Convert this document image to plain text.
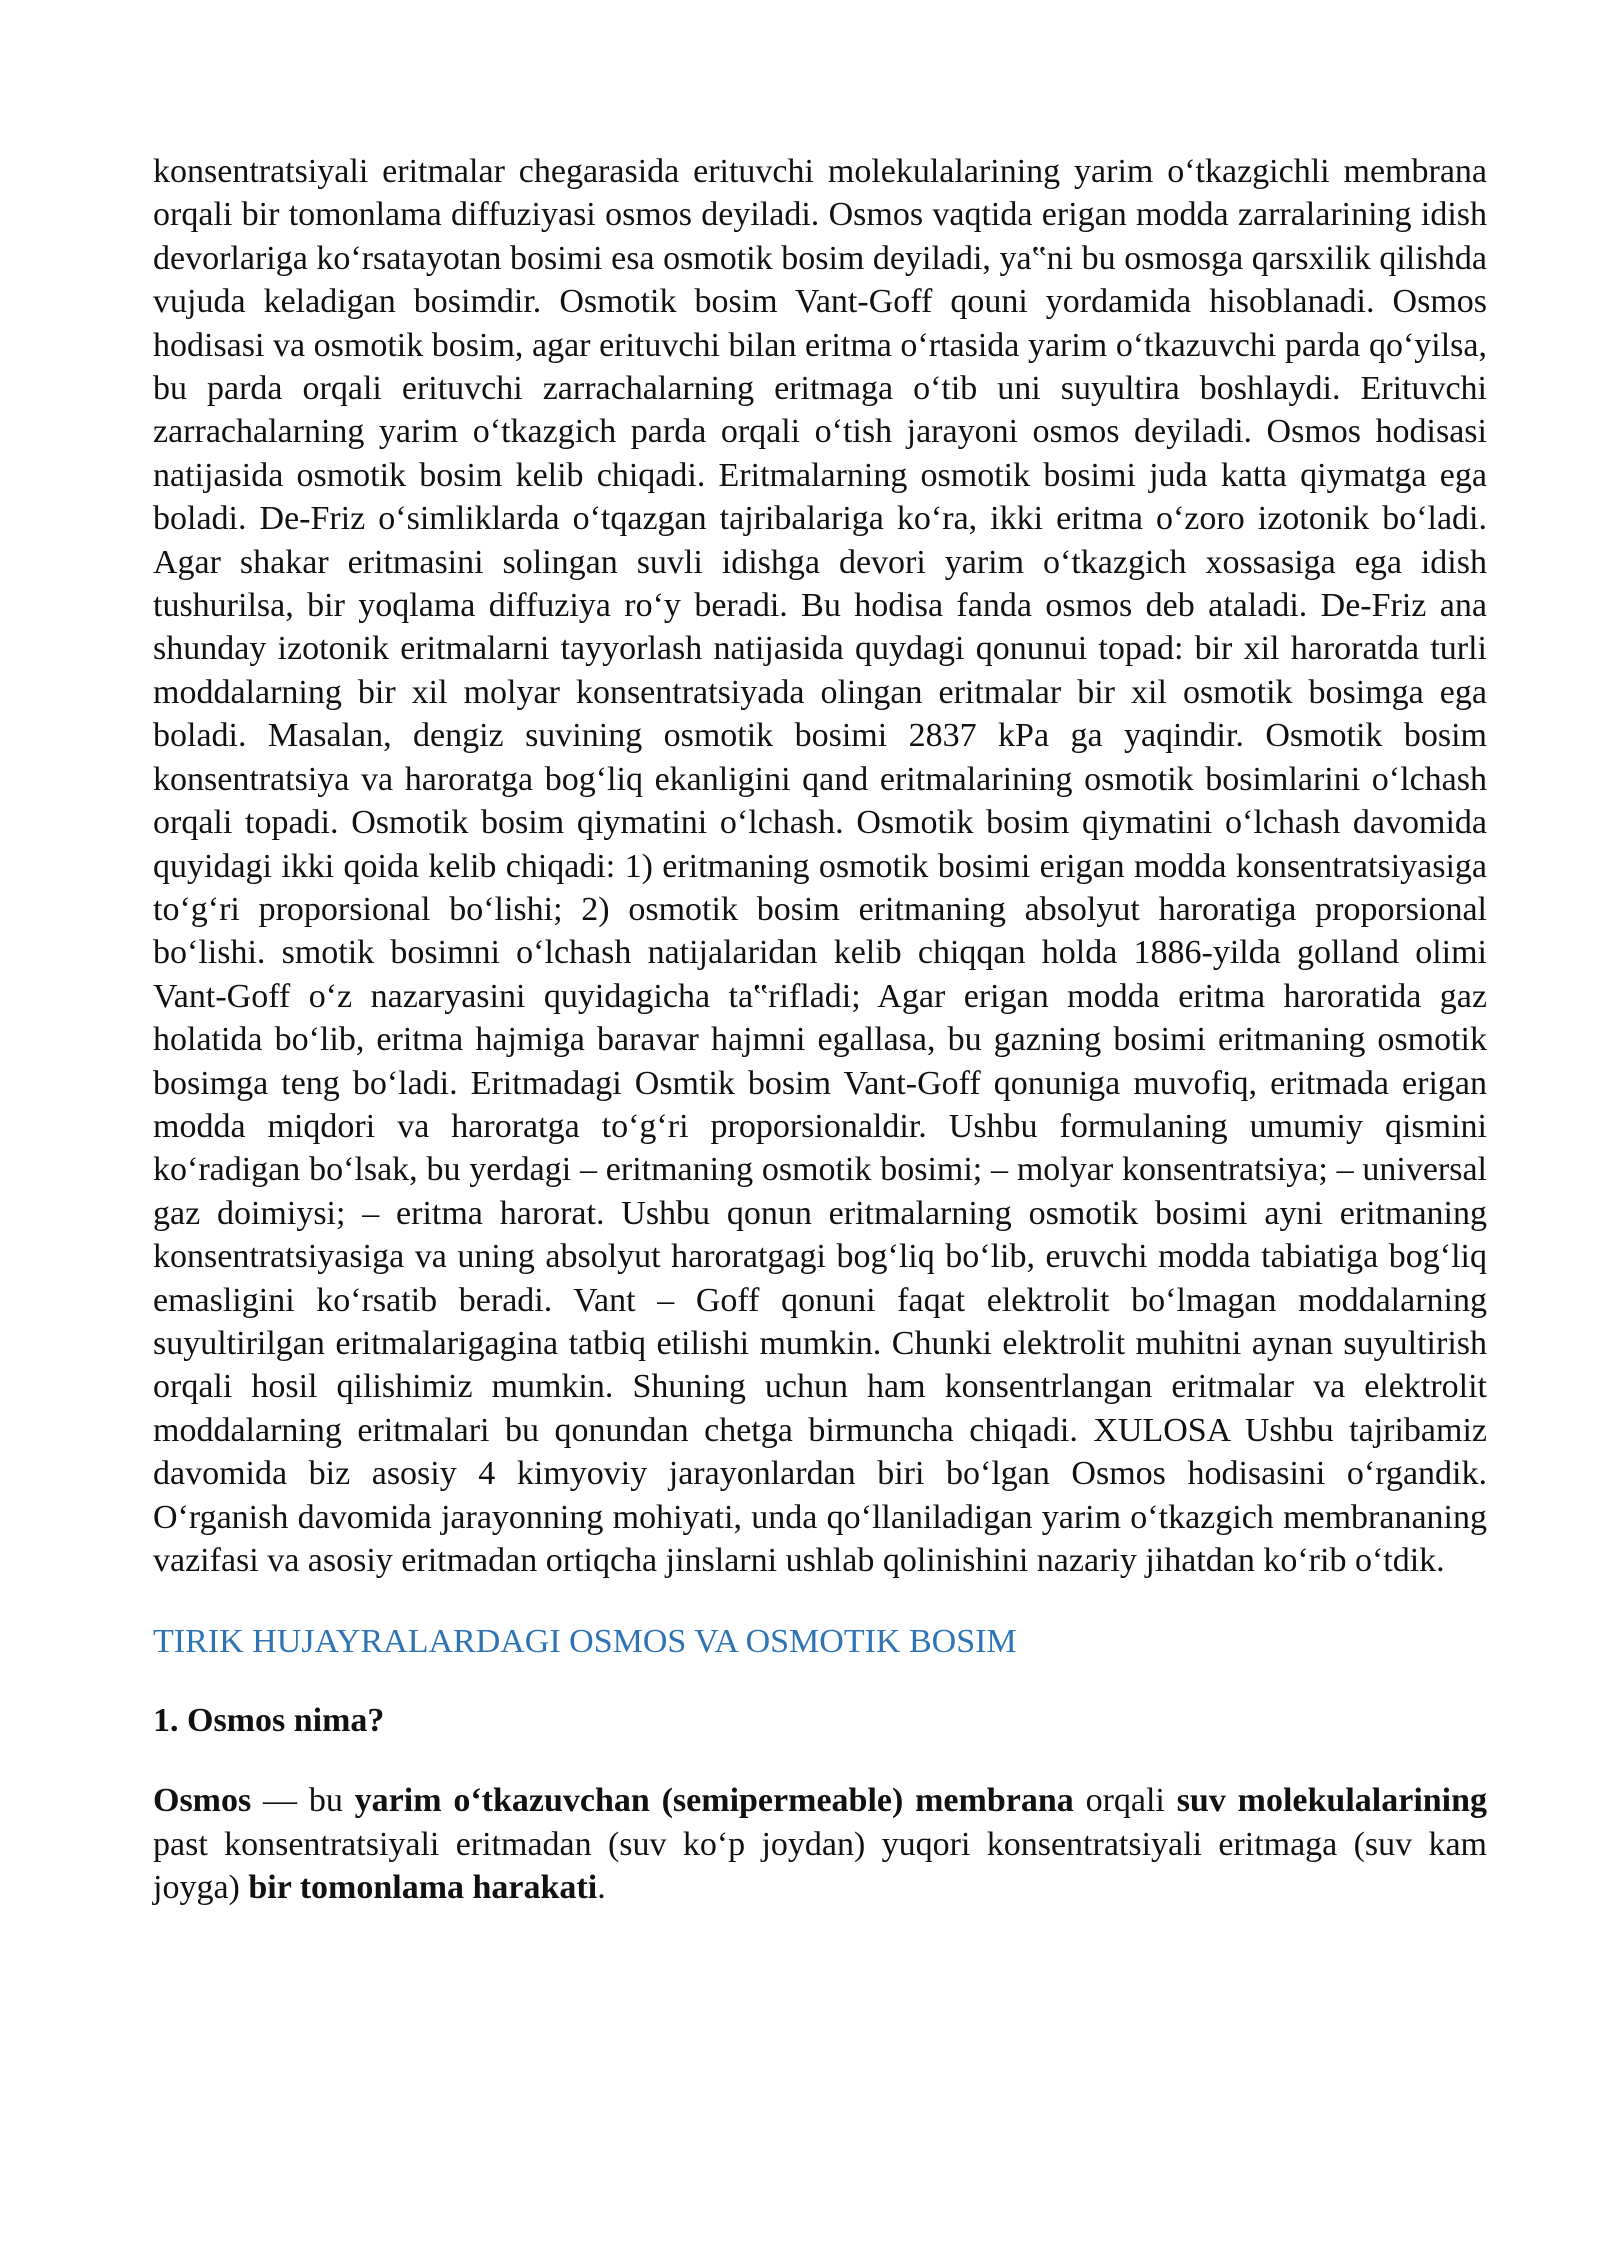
konsentratsiyali eritmalar chegarasida erituvchi molekulalarining yarim o‘tkazgichli membrana orqali bir tomonlama diffuziyasi osmos deyiladi. Osmos vaqtida erigan modda zarralarining idish devorlariga ko‘rsatayotan bosimi esa osmotik bosim deyiladi, ya‟ni bu osmosga qarsxilik qilishda vujuda keladigan bosimdir. Osmotik bosim Vant-Goff qouni yordamida hisoblanadi. Osmos hodisasi va osmotik bosim, agar erituvchi bilan eritma o‘rtasida yarim o‘tkazuvchi parda qo‘yilsa, bu parda orqali erituvchi zarrachalarning eritmaga o‘tib uni suyultira boshlaydi. Erituvchi zarrachalarning yarim o‘tkazgich parda orqali o‘tish jarayoni osmos deyiladi. Osmos hodisasi natijasida osmotik bosim kelib chiqadi. Eritmalarning osmotik bosimi juda katta qiymatga ega boladi. De-Friz o‘simliklarda o‘tqazgan tajribalariga ko‘ra, ikki eritma o‘zoro izotonik bo‘ladi. Agar shakar eritmasini solingan suvli idishga devori yarim o‘tkazgich xossasiga ega idish tushurilsa, bir yoqlama diffuziya ro‘y beradi. Bu hodisa fanda osmos deb ataladi. De-Friz ana shunday izotonik eritmalarni tayyorlash natijasida quydagi qonunui topad: bir xil haroratda turli moddalarning bir xil molyar konsentratsiyada olingan eritmalar bir xil osmotik bosimga ega boladi. Masalan, dengiz suvining osmotik bosimi 2837 kPa ga yaqindir. Osmotik bosim konsentratsiya va haroratga bog‘liq ekanligini qand eritmalarining osmotik bosimlarini o‘lchash orqali topadi. Osmotik bosim qiymatini o‘lchash. Osmotik bosim qiymatini o‘lchash davomida quyidagi ikki qoida kelib chiqadi: 1) eritmaning osmotik bosimi erigan modda konsentratsiyasiga to‘g‘ri proporsional bo‘lishi; 2) osmotik bosim eritmaning absolyut haroratiga proporsional bo‘lishi. smotik bosimni o‘lchash natijalaridan kelib chiqqan holda 1886-yilda golland olimi Vant-Goff o‘z nazaryasini quyidagicha ta‟rifladi; Agar erigan modda eritma haroratida gaz holatida bo‘lib, eritma hajmiga baravar hajmni egallasa, bu gazning bosimi eritmaning osmotik bosimga teng bo‘ladi. Eritmadagi Osmtik bosim Vant-Goff qonuniga muvofiq, eritmada erigan modda miqdori va haroratga to‘g‘ri proporsionaldir. Ushbu formulaning umumiy qismini ko‘radigan bo‘lsak, bu yerdagi – eritmaning osmotik bosimi; – molyar konsentratsiya; – universal gaz doimiysi; – eritma harorat. Ushbu qonun eritmalarning osmotik bosimi ayni eritmaning konsentratsiyasiga va uning absolyut haroratgagi bog‘liq bo‘lib, eruvchi modda tabiatiga bog‘liq emasligini ko‘rsatib beradi. Vant – Goff qonuni faqat elektrolit bo‘lmagan moddalarning suyultirilgan eritmalarigagina tatbiq etilishi mumkin. Chunki elektrolit muhitni aynan suyultirish orqali hosil qilishimiz mumkin. Shuning uchun ham konsentrlangan eritmalar va elektrolit moddalarning eritmalari bu qonundan chetga birmuncha chiqadi. XULOSA Ushbu tajribamiz davomida biz asosiy 4 kimyoviy jarayonlardan biri bo‘lgan Osmos hodisasini o‘rgandik. O‘rganish davomida jarayonning mohiyati, unda qo‘llaniladigan yarim o‘tkazgich membrananing vazifasi va asosiy eritmadan ortiqcha jinslarni ushlab qolinishini nazariy jihatdan ko‘rib o‘tdik.

TIRIK HUJAYRALARDAGI OSMOS VA OSMOTIK BOSIM

1. Osmos nima?

Osmos — bu yarim o‘tkazuvchan (semipermeable) membrana orqali suv molekulalarining past konsentratsiyali eritmadan (suv ko‘p joydan) yuqori konsentratsiyali eritmaga (suv kam joyga) bir tomonlama harakati.
